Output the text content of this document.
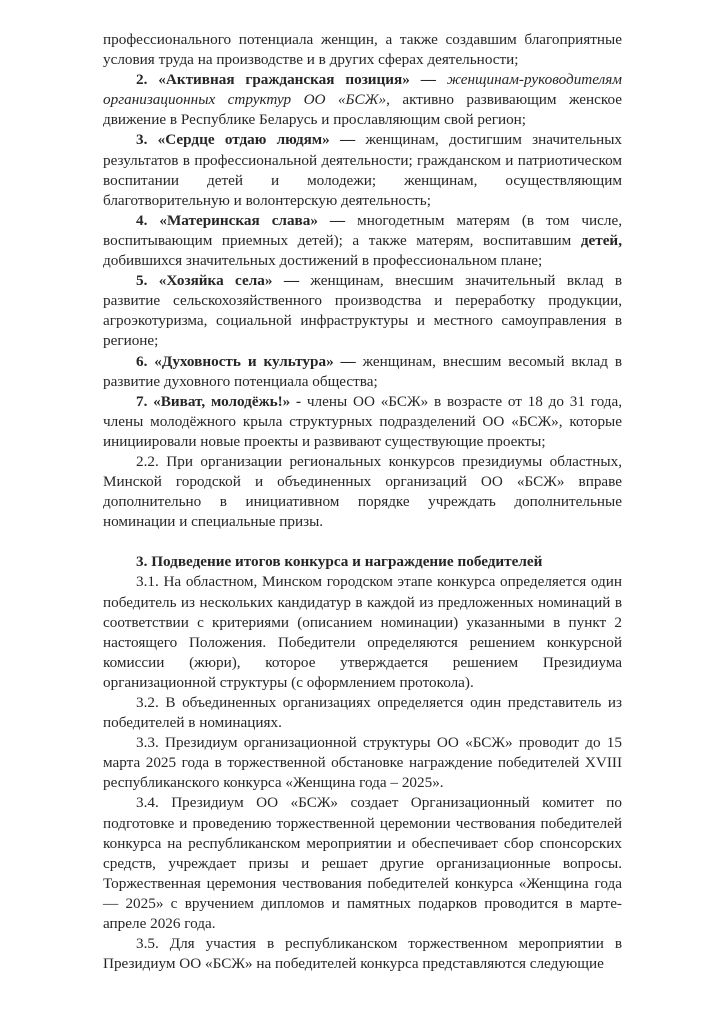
профессионального потенциала женщин, а также создавшим благоприятные условия труда на производстве и в других сферах деятельности;

2. «Активная гражданская позиция» — женщинам-руководителям организационных структур ОО «БСЖ», активно развивающим женское движение в Республике Беларусь и прославляющим свой регион;

3. «Сердце отдаю людям» — женщинам, достигшим значительных результатов в профессиональной деятельности; гражданском и патриотическом воспитании детей и молодежи; женщинам, осуществляющим благотворительную и волонтерскую деятельность;

4. «Материнская слава» — многодетным матерям (в том числе, воспитывающим приемных детей); а также матерям, воспитавшим детей, добившихся значительных достижений в профессиональном плане;

5. «Хозяйка села» — женщинам, внесшим значительный вклад в развитие сельскохозяйственного производства и переработку продукции, агроэкотуризма, социальной инфраструктуры и местного самоуправления в регионе;

6. «Духовность и культура» — женщинам, внесшим весомый вклад в развитие духовного потенциала общества;

7. «Виват, молодёжь!» - члены ОО «БСЖ» в возрасте от 18 до 31 года, члены молодёжного крыла структурных подразделений ОО «БСЖ», которые инициировали новые проекты и развивают существующие проекты;

2.2. При организации региональных конкурсов президиумы областных, Минской городской и объединенных организаций ОО «БСЖ» вправе дополнительно в инициативном порядке учреждать дополнительные номинации и специальные призы.

3. Подведение итогов конкурса и награждение победителей

3.1. На областном, Минском городском этапе конкурса определяется один победитель из нескольких кандидатур в каждой из предложенных номинаций в соответствии с критериями (описанием номинации) указанными в пункт 2 настоящего Положения. Победители определяются решением конкурсной комиссии (жюри), которое утверждается решением Президиума организационной структуры (с оформлением протокола).

3.2. В объединенных организациях определяется один представитель из победителей в номинациях.

3.3. Президиум организационной структуры ОО «БСЖ» проводит до 15 марта 2025 года в торжественной обстановке награждение победителей XVIII республиканского конкурса «Женщина года – 2025».

3.4. Президиум ОО «БСЖ» создает Организационный комитет по подготовке и проведению торжественной церемонии чествования победителей конкурса на республиканском мероприятии и обеспечивает сбор спонсорских средств, учреждает призы и решает другие организационные вопросы. Торжественная церемония чествования победителей конкурса «Женщина года — 2025» с вручением дипломов и памятных подарков проводится в марте-апреле 2026 года.

3.5. Для участия в республиканском торжественном мероприятии в Президиум ОО «БСЖ» на победителей конкурса представляются следующие
